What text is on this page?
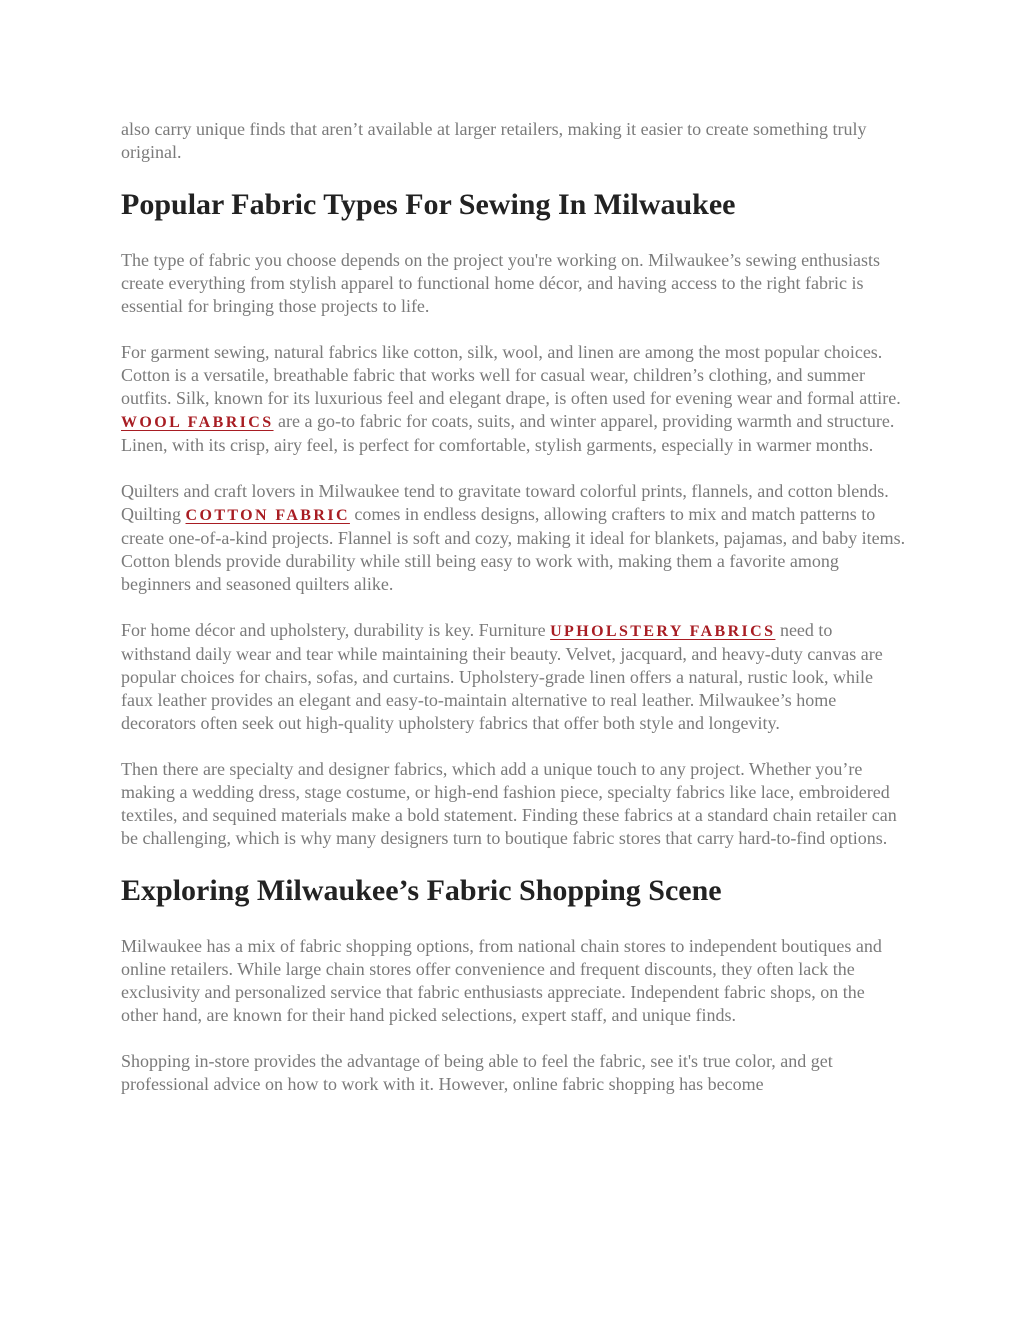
also carry unique finds that aren’t available at larger retailers, making it easier to create something truly original.

Popular Fabric Types For Sewing In Milwaukee

The type of fabric you choose depends on the project you're working on. Milwaukee’s sewing enthusiasts create everything from stylish apparel to functional home décor, and having access to the right fabric is essential for bringing those projects to life.

For garment sewing, natural fabrics like cotton, silk, wool, and linen are among the most popular choices. Cotton is a versatile, breathable fabric that works well for casual wear, children’s clothing, and summer outfits. Silk, known for its luxurious feel and elegant drape, is often used for evening wear and formal attire. WOOL FABRICS are a go-to fabric for coats, suits, and winter apparel, providing warmth and structure. Linen, with its crisp, airy feel, is perfect for comfortable, stylish garments, especially in warmer months.

Quilters and craft lovers in Milwaukee tend to gravitate toward colorful prints, flannels, and cotton blends. Quilting COTTON FABRIC comes in endless designs, allowing crafters to mix and match patterns to create one-of-a-kind projects. Flannel is soft and cozy, making it ideal for blankets, pajamas, and baby items. Cotton blends provide durability while still being easy to work with, making them a favorite among beginners and seasoned quilters alike.

For home décor and upholstery, durability is key. Furniture UPHOLSTERY FABRICS need to withstand daily wear and tear while maintaining their beauty. Velvet, jacquard, and heavy-duty canvas are popular choices for chairs, sofas, and curtains. Upholstery-grade linen offers a natural, rustic look, while faux leather provides an elegant and easy-to-maintain alternative to real leather. Milwaukee’s home decorators often seek out high-quality upholstery fabrics that offer both style and longevity.

Then there are specialty and designer fabrics, which add a unique touch to any project. Whether you’re making a wedding dress, stage costume, or high-end fashion piece, specialty fabrics like lace, embroidered textiles, and sequined materials make a bold statement. Finding these fabrics at a standard chain retailer can be challenging, which is why many designers turn to boutique fabric stores that carry hard-to-find options.

Exploring Milwaukee’s Fabric Shopping Scene

Milwaukee has a mix of fabric shopping options, from national chain stores to independent boutiques and online retailers. While large chain stores offer convenience and frequent discounts, they often lack the exclusivity and personalized service that fabric enthusiasts appreciate. Independent fabric shops, on the other hand, are known for their hand picked selections, expert staff, and unique finds.

Shopping in-store provides the advantage of being able to feel the fabric, see it's true color, and get professional advice on how to work with it. However, online fabric shopping has become
